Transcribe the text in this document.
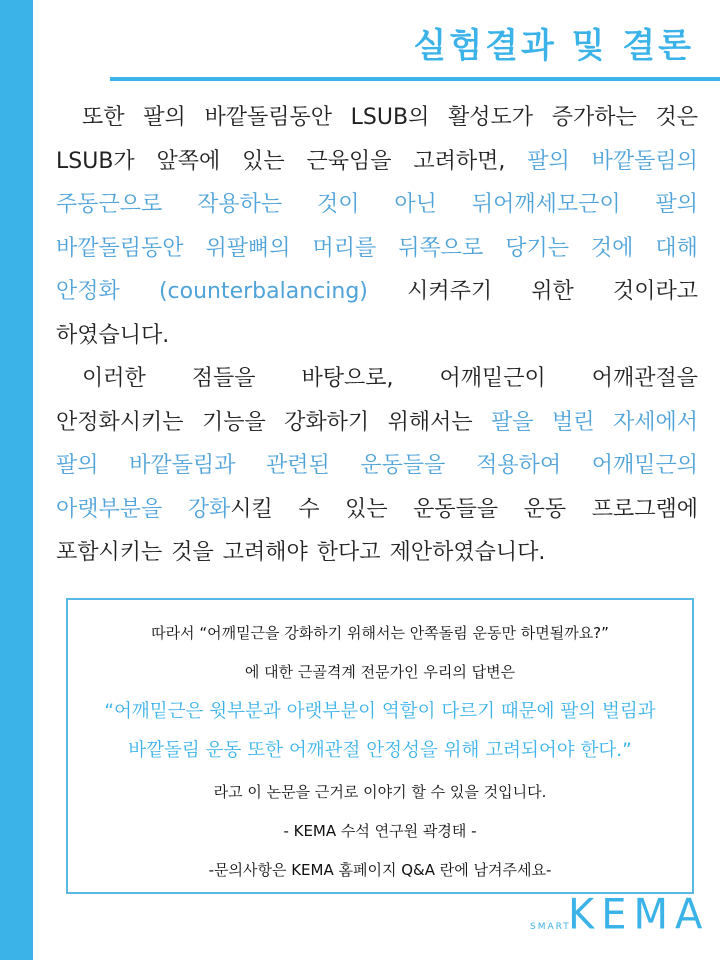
실험결과 및 결론
또한 팔의 바깥돌림동안 LSUB의 활성도가 증가하는 것은
LSUB가 앞쪽에 있는 근육임을 고려하면, 팔의 바깥돌림의
주동근으로 작용하는 것이 아닌 뒤어깨세모근이 팔의
바깥돌림동안 위팔뼈의 머리를 뒤쪽으로 당기는 것에 대해
안정화 (counterbalancing) 시켜주기 위한 것이라고
하였습니다.
이러한 점들을 바탕으로, 어깨밑근이 어깨관절을
안정화시키는 기능을 강화하기 위해서는 팔을 벌린 자세에서
팔의 바깥돌림과 관련된 운동들을 적용하여 어깨밑근의
아랫부분을 강화시킬 수 있는 운동들을 운동 프로그램에
포함시키는 것을 고려해야 한다고 제안하였습니다.
따라서 “어깨밑근을 강화하기 위해서는 안쪽돌림 운동만 하면될까요?”
에 대한 근골격계 전문가인 우리의 답변은
“어깨밑근은 윗부분과 아랫부분이 역할이 다르기 때문에 팔의 벌림과
바깥돌림 운동 또한 어깨관절 안정성을 위해 고려되어야 한다.”
라고 이 논문을 근거로 이야기 할 수 있을 것입니다.
- KEMA 수석 연구원 곽경태 -
-문의사항은 KEMA 홈페이지 Q&A 란에 남겨주세요-
SMART
KEMA
